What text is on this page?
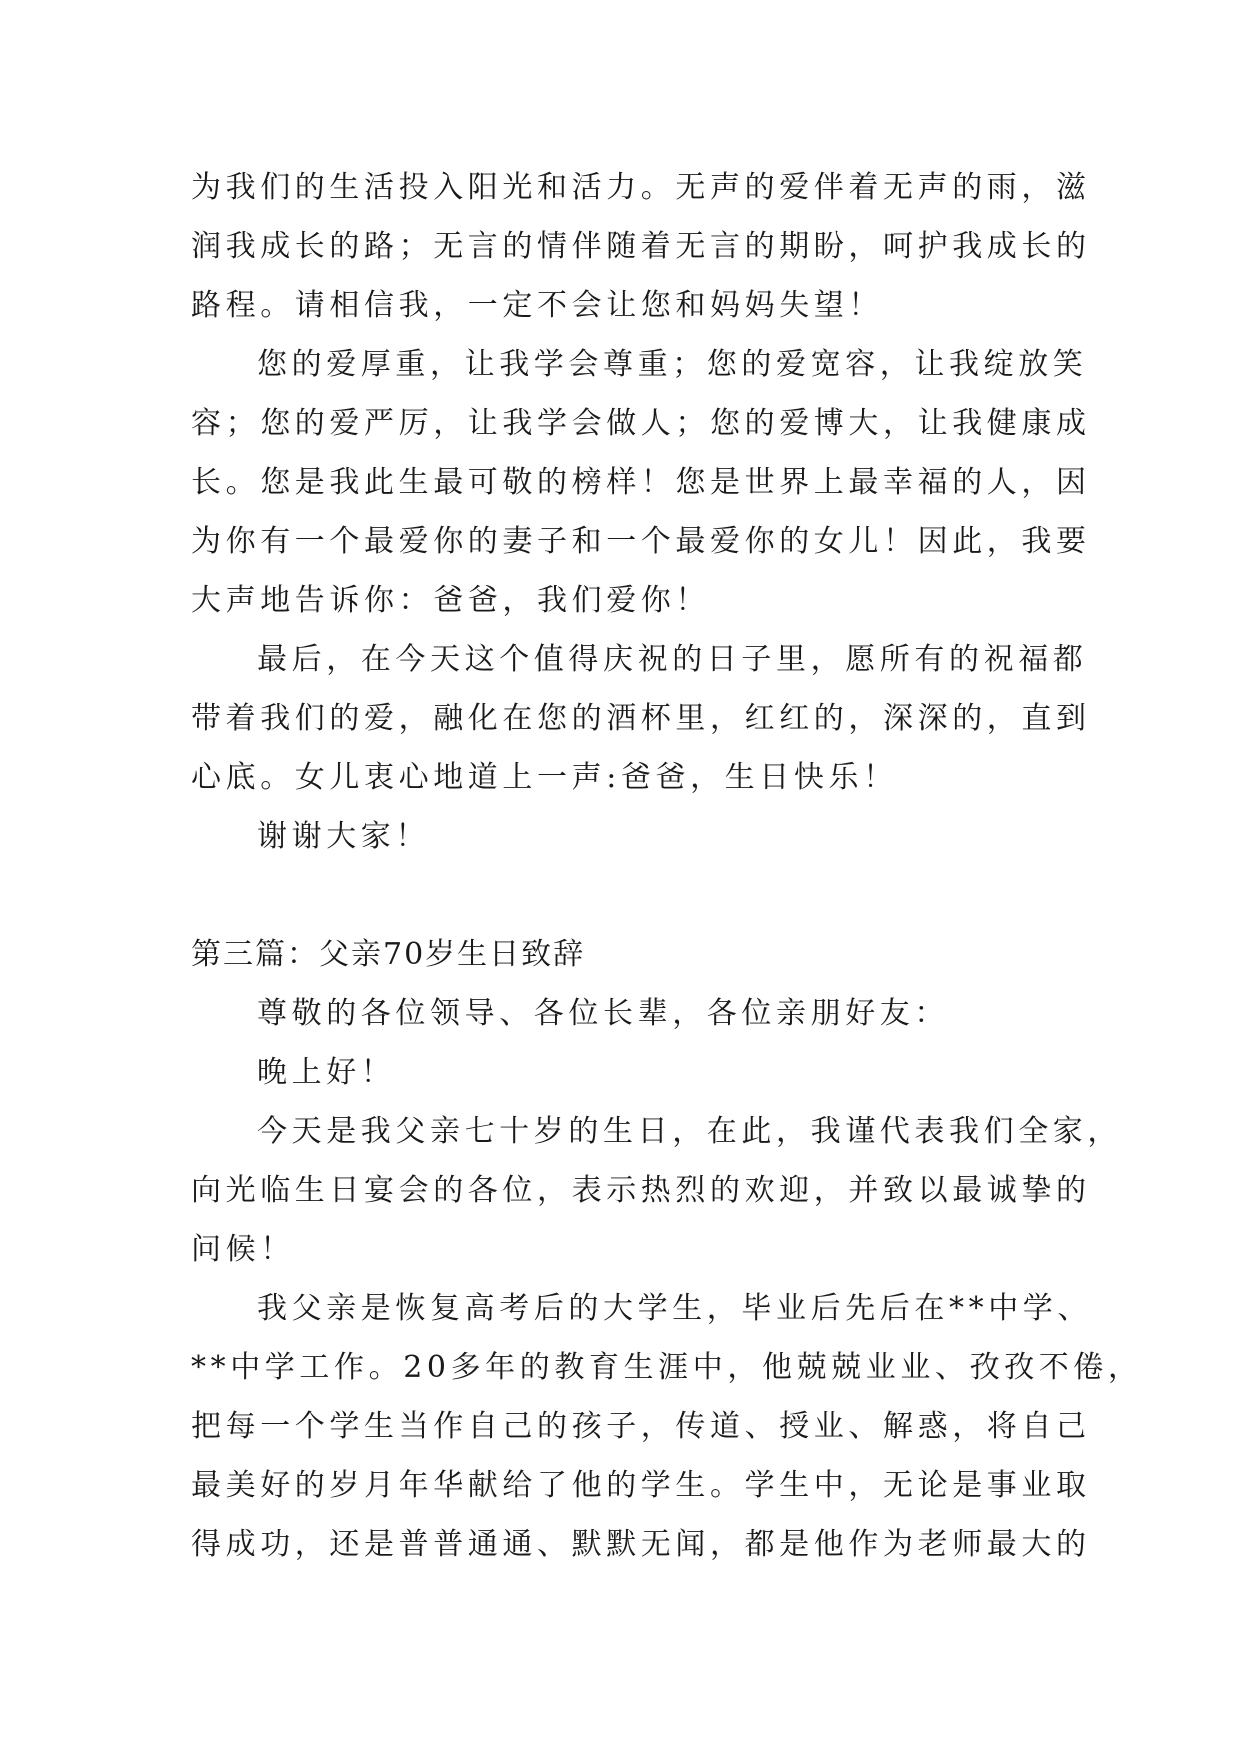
为我们的生活投入阳光和活力。无声的爱伴着无声的雨，滋
润我成长的路；无言的情伴随着无言的期盼，呵护我成长的
路程。请相信我，一定不会让您和妈妈失望！
您的爱厚重，让我学会尊重；您的爱宽容，让我绽放笑
容；您的爱严厉，让我学会做人；您的爱博大，让我健康成
长。您是我此生最可敬的榜样！您是世界上最幸福的人，因
为你有一个最爱你的妻子和一个最爱你的女儿！因此，我要
大声地告诉你：爸爸，我们爱你！
最后，在今天这个值得庆祝的日子里，愿所有的祝福都
带着我们的爱，融化在您的酒杯里，红红的，深深的，直到
心底。女儿衷心地道上一声:爸爸，生日快乐！
谢谢大家！
第三篇：父亲70岁生日致辞
尊敬的各位领导、各位长辈，各位亲朋好友：
晚上好！
今天是我父亲七十岁的生日，在此，我谨代表我们全家，
向光临生日宴会的各位，表示热烈的欢迎，并致以最诚挚的
问候！
我父亲是恢复高考后的大学生，毕业后先后在**中学、
**中学工作。20多年的教育生涯中，他兢兢业业、孜孜不倦，
把每一个学生当作自己的孩子，传道、授业、解惑，将自己
最美好的岁月年华献给了他的学生。学生中，无论是事业取
得成功，还是普普通通、默默无闻，都是他作为老师最大的
